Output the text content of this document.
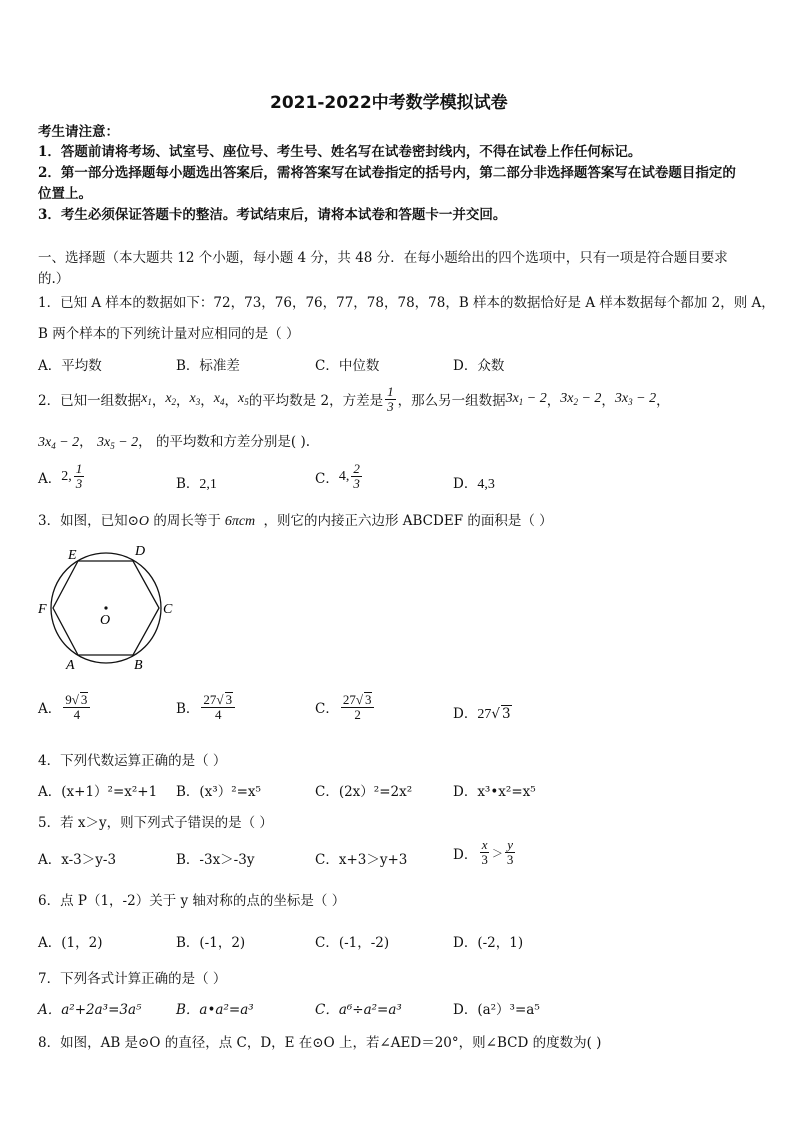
2021-2022中考数学模拟试卷
考生请注意：
1．答题前请将考场、试室号、座位号、考生号、姓名写在试卷密封线内，不得在试卷上作任何标记。
2．第一部分选择题每小题选出答案后，需将答案写在试卷指定的括号内，第二部分非选择题答案写在试卷题目指定的
位置上。
3．考生必须保证答题卡的整洁。考试结束后，请将本试卷和答题卡一并交回。
一、选择题（本大题共 12 个小题，每小题 4 分，共 48 分．在每小题给出的四个选项中，只有一项是符合题目要求
的.）
1．已知 A 样本的数据如下：72，73，76，76，77，78，78，78，B 样本的数据恰好是 A 样本数据每个都加 2，则 A，
B 两个样本的下列统计量对应相同的是（ ）
A．平均数	B．标准差	C．中位数	D．众数
2．已知一组数据 $x_1$ ， $x_2$ ， $x_3$ ， $x_4$ ， $x_5$ 的平均数是 2，方差是 $\frac{1}{3}$ ，那么另一组数据 $3x_1 - 2$ ， $3x_2 - 2$ ， $3x_3 - 2$ ，
$3x_4 - 2$， $3x_5 - 2$， 的平均数和方差分别是( ).
A． 2, $\frac{1}{3}$	B．2,1	C． 4, $\frac{2}{3}$	D．4,3
3．如图，已知⊙O 的周长等于 6πcm ，则它的内接正六边形 ABCDEF 的面积是（ ）
A	B
C
D
E
F
O
A． $\frac{9√ 3}{4}$	B． $\frac{27√ 3}{4}$	C． $\frac{27√ 3}{2}$	D．27√ 3
4．下列代数运算正确的是（ ）
A．(x+1）²=x²+1 B．(x³）²=x⁵	C．(2x）²=2x²	D．x³•x²=x⁵
5．若 x＞y，则下列式子错误的是（ ）
A．x-3＞y-3	B．-3x＞-3y	C．x+3＞y+3	D． $\frac{x}{3} > \frac{y}{3}$
6．点 P（1，-2）关于 y 轴对称的点的坐标是（ ）
A．(1，2)	B．(-1，2)	C．(-1，-2)	D．(-2，1)
7．下列各式计算正确的是（ ）
A．a²+2a³=3a⁵	B．a•a²=a³	C．a⁶÷a²=a³	D．(a²）³=a⁵
8．如图，AB 是⊙O 的直径，点 C，D，E 在⊙O 上，若∠AED＝20°，则∠BCD 的度数为( )
